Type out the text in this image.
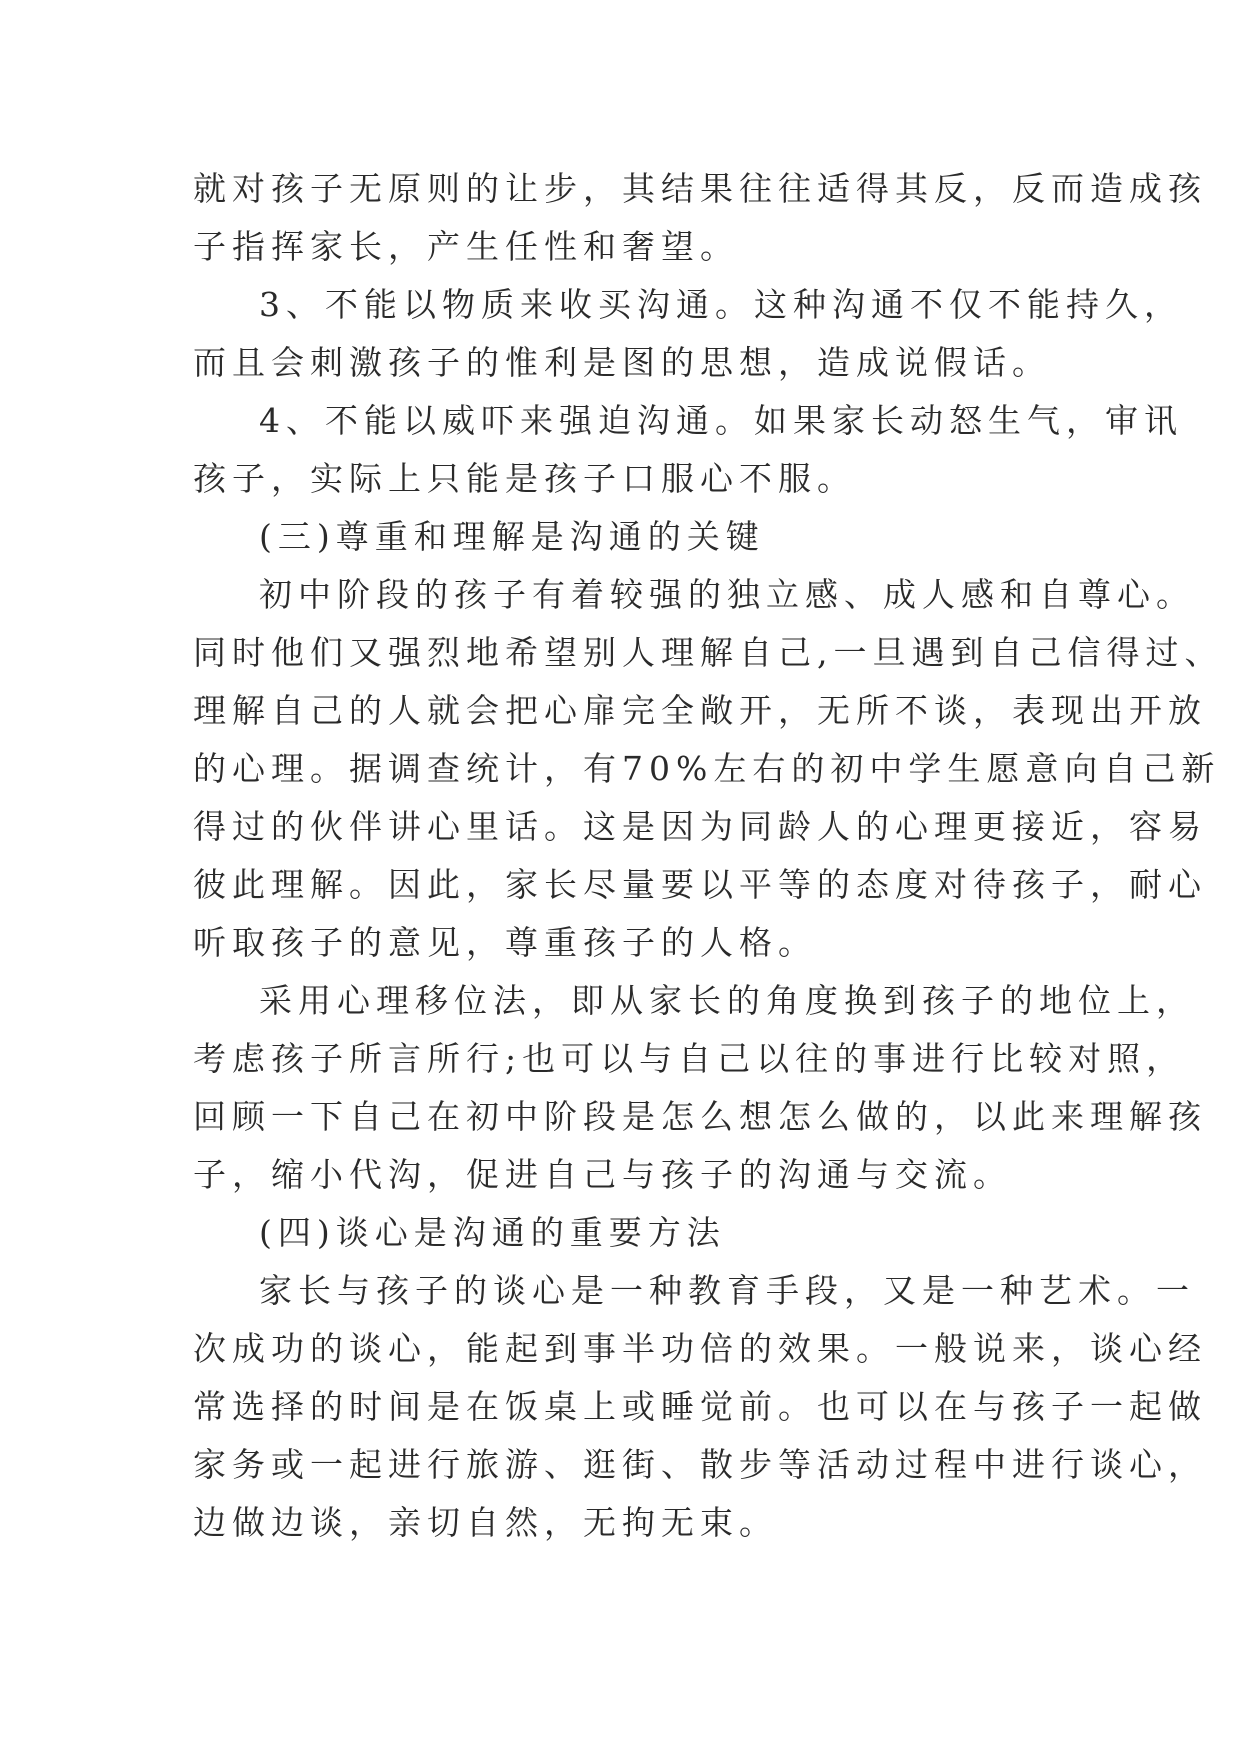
就对孩子无原则的让步，其结果往往适得其反，反而造成孩
子指挥家长，产生任性和奢望。
3、不能以物质来收买沟通。这种沟通不仅不能持久，
而且会刺激孩子的惟利是图的思想，造成说假话。
4、不能以威吓来强迫沟通。如果家长动怒生气，审讯
孩子，实际上只能是孩子口服心不服。
(三)尊重和理解是沟通的关键
初中阶段的孩子有着较强的独立感、成人感和自尊心。
同时他们又强烈地希望别人理解自己,一旦遇到自己信得过、
理解自己的人就会把心扉完全敞开，无所不谈，表现出开放
的心理。据调查统计，有70%左右的初中学生愿意向自己新
得过的伙伴讲心里话。这是因为同龄人的心理更接近，容易
彼此理解。因此，家长尽量要以平等的态度对待孩子，耐心
听取孩子的意见，尊重孩子的人格。
采用心理移位法，即从家长的角度换到孩子的地位上，
考虑孩子所言所行;也可以与自己以往的事进行比较对照，
回顾一下自己在初中阶段是怎么想怎么做的，以此来理解孩
子，缩小代沟，促进自己与孩子的沟通与交流。
(四)谈心是沟通的重要方法
家长与孩子的谈心是一种教育手段，又是一种艺术。一
次成功的谈心，能起到事半功倍的效果。一般说来，谈心经
常选择的时间是在饭桌上或睡觉前。也可以在与孩子一起做
家务或一起进行旅游、逛街、散步等活动过程中进行谈心，
边做边谈，亲切自然，无拘无束。
